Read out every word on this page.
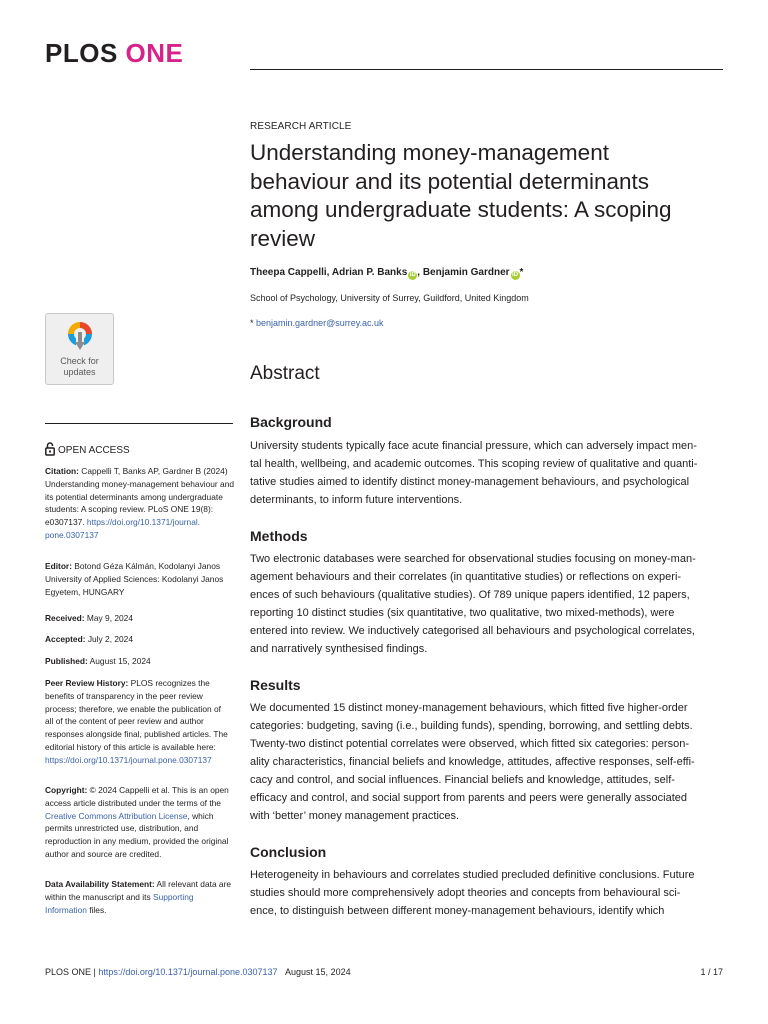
PLOS ONE
RESEARCH ARTICLE
Understanding money-management
behaviour and its potential determinants
among undergraduate students: A scoping
review
Theepa Cappelli, Adrian P. Banks iD , Benjamin Gardner iD *
School of Psychology, University of Surrey, Guildford, United Kingdom
* benjamin.gardner@surrey.ac.uk
Abstract
Background

University students typically face acute financial pressure, which can adversely impact men-
tal health, wellbeing, and academic outcomes. This scoping review of qualitative and quanti-
tative studies aimed to identify distinct money-management behaviours, and psychological
determinants, to inform future interventions.

Methods

Two electronic databases were searched for observational studies focusing on money-man-
agement behaviours and their correlates (in quantitative studies) or reflections on experi-
ences of such behaviours (qualitative studies). Of 789 unique papers identified, 12 papers,
reporting 10 distinct studies (six quantitative, two qualitative, two mixed-methods), were
entered into review. We inductively categorised all behaviours and psychological correlates,
and narratively synthesised findings.

Results

We documented 15 distinct money-management behaviours, which fitted five higher-order
categories: budgeting, saving (i.e., building funds), spending, borrowing, and settling debts.
Twenty-two distinct potential correlates were observed, which fitted six categories: person-
ality characteristics, financial beliefs and knowledge, attitudes, affective responses, self-effi-
cacy and control, and social influences. Financial beliefs and knowledge, attitudes, self-
efficacy and control, and social support from parents and peers were generally associated
with ‘better’ money management practices.

Conclusion

Heterogeneity in behaviours and correlates studied precluded definitive conclusions. Future
studies should more comprehensively adopt theories and concepts from behavioural sci-
ence, to distinguish between different money-management behaviours, identify which

Check for
updates
OPEN ACCESS

Citation: Cappelli T, Banks AP, Gardner B (2024)
Understanding money-management behaviour and
its potential determinants among undergraduate
students: A scoping review. PLoS ONE 19(8):
e0307137. https://doi.org/10.1371/journal.
pone.0307137

Editor: Botond Géza Kálmán, Kodolanyi Janos
University of Applied Sciences: Kodolanyi Janos
Egyetem, HUNGARY

Received: May 9, 2024

Accepted: July 2, 2024

Published: August 15, 2024

Peer Review History: PLOS recognizes the
benefits of transparency in the peer review
process; therefore, we enable the publication of
all of the content of peer review and author
responses alongside final, published articles. The
editorial history of this article is available here:
https://doi.org/10.1371/journal.pone.0307137

Copyright: © 2024 Cappelli et al. This is an open
access article distributed under the terms of the
Creative Commons Attribution License, which
permits unrestricted use, distribution, and
reproduction in any medium, provided the original
author and source are credited.

Data Availability Statement: All relevant data are
within the manuscript and its Supporting
Information files.

PLOS ONE | https://doi.org/10.1371/journal.pone.0307137 August 15, 2024	1 / 17
